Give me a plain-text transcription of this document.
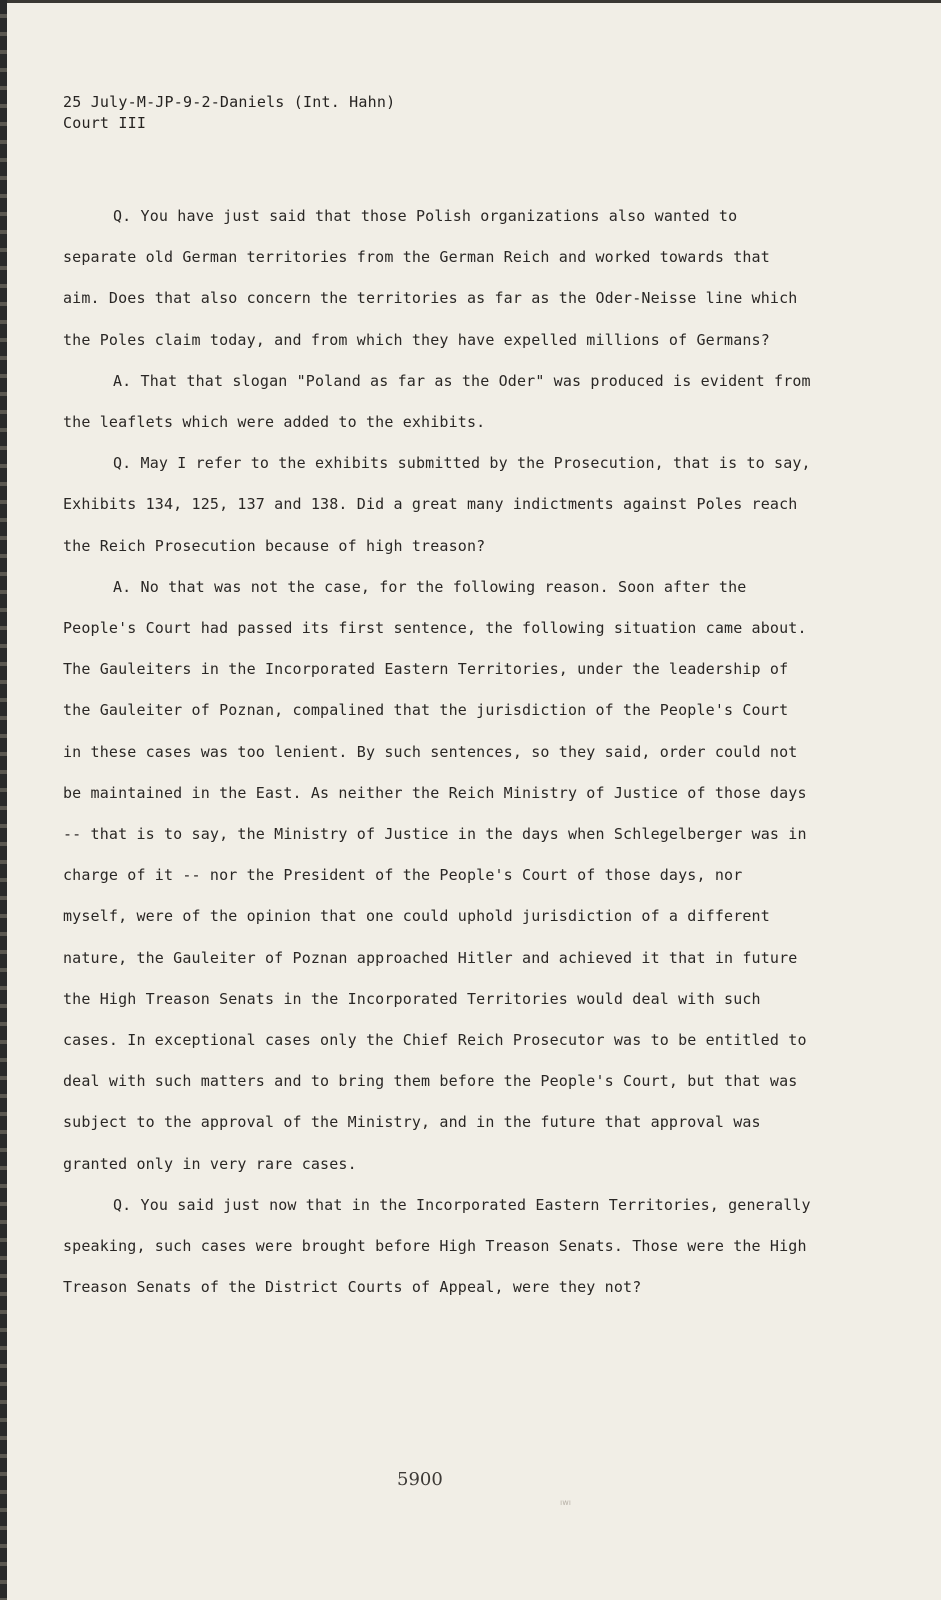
25 July-M-JP-9-2-Daniels (Int. Hahn)
Court III

Q. You have just said that those Polish organizations also wanted to separate old German territories from the German Reich and worked towards that aim. Does that also concern the territories as far as the Oder-Neisse line which the Poles claim today, and from which they have expelled millions of Germans?

A. That that slogan "Poland as far as the Oder" was produced is evident from the leaflets which were added to the exhibits.

Q. May I refer to the exhibits submitted by the Prosecution, that is to say, Exhibits 134, 125, 137 and 138. Did a great many indictments against Poles reach the Reich Prosecution because of high treason?

A. No that was not the case, for the following reason. Soon after the People's Court had passed its first sentence, the following situation came about. The Gauleiters in the Incorporated Eastern Territories, under the leadership of the Gauleiter of Poznan, compalined that the jurisdiction of the People's Court in these cases was too lenient. By such sentences, so they said, order could not be maintained in the East. As neither the Reich Ministry of Justice of those days -- that is to say, the Ministry of Justice in the days when Schlegelberger was in charge of it -- nor the President of the People's Court of those days, nor myself, were of the opinion that one could uphold jurisdiction of a different nature, the Gauleiter of Poznan approached Hitler and achieved it that in future the High Treason Senats in the Incorporated Territories would deal with such cases. In exceptional cases only the Chief Reich Prosecutor was to be entitled to deal with such matters and to bring them before the People's Court, but that was subject to the approval of the Ministry, and in the future that approval was granted only in very rare cases.

Q. You said just now that in the Incorporated Eastern Territories, generally speaking, such cases were brought before High Treason Senats. Those were the High Treason Senats of the District Courts of Appeal, were they not?

5900
ıwı
